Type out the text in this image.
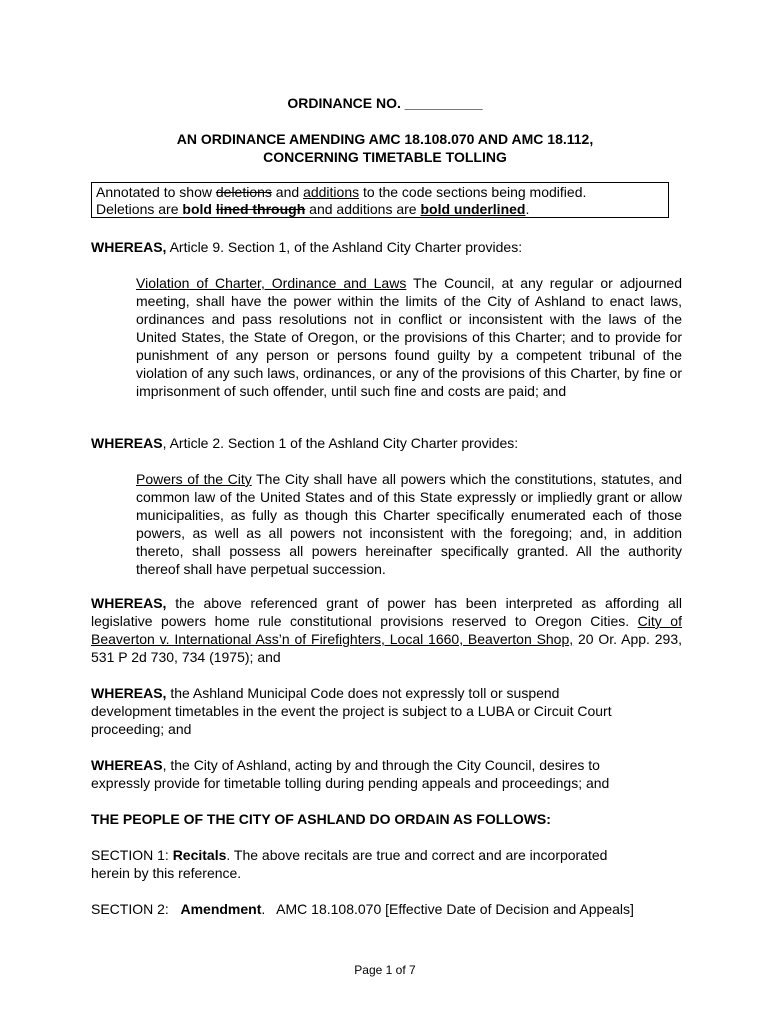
ORDINANCE NO. __________

AN ORDINANCE AMENDING AMC 18.108.070 AND AMC 18.112,

CONCERNING TIMETABLE TOLLING

Annotated to show deletions and additions to the code sections being modified.
Deletions are bold lined through and additions are bold underlined.

WHEREAS, Article 9. Section 1, of the Ashland City Charter provides:

Violation of Charter, Ordinance and Laws The Council, at any regular or adjourned meeting, shall have the power within the limits of the City of Ashland to enact laws, ordinances and pass resolutions not in conflict or inconsistent with the laws of the United States, the State of Oregon, or the provisions of this Charter; and to provide for punishment of any person or persons found guilty by a competent tribunal of the violation of any such laws, ordinances, or any of the provisions of this Charter, by fine or imprisonment of such offender, until such fine and costs are paid; and

WHEREAS, Article 2. Section 1 of the Ashland City Charter provides:

Powers of the City The City shall have all powers which the constitutions, statutes, and common law of the United States and of this State expressly or impliedly grant or allow municipalities, as fully as though this Charter specifically enumerated each of those powers, as well as all powers not inconsistent with the foregoing; and, in addition thereto, shall possess all powers hereinafter specifically granted. All the authority thereof shall have perpetual succession.

WHEREAS, the above referenced grant of power has been interpreted as affording all legislative powers home rule constitutional provisions reserved to Oregon Cities. City of Beaverton v. International Ass’n of Firefighters, Local 1660, Beaverton Shop, 20 Or. App. 293, 531 P 2d 730, 734 (1975); and

WHEREAS, the Ashland Municipal Code does not expressly toll or suspend
development timetables in the event the project is subject to a LUBA or Circuit Court
proceeding; and
WHEREAS, the City of Ashland, acting by and through the City Council, desires to
expressly provide for timetable tolling during pending appeals and proceedings; and

THE PEOPLE OF THE CITY OF ASHLAND DO ORDAIN AS FOLLOWS:

SECTION 1: Recitals. The above recitals are true and correct and are incorporated
herein by this reference.

SECTION 2:   Amendment.   AMC 18.108.070 [Effective Date of Decision and Appeals]

Page 1 of 7
